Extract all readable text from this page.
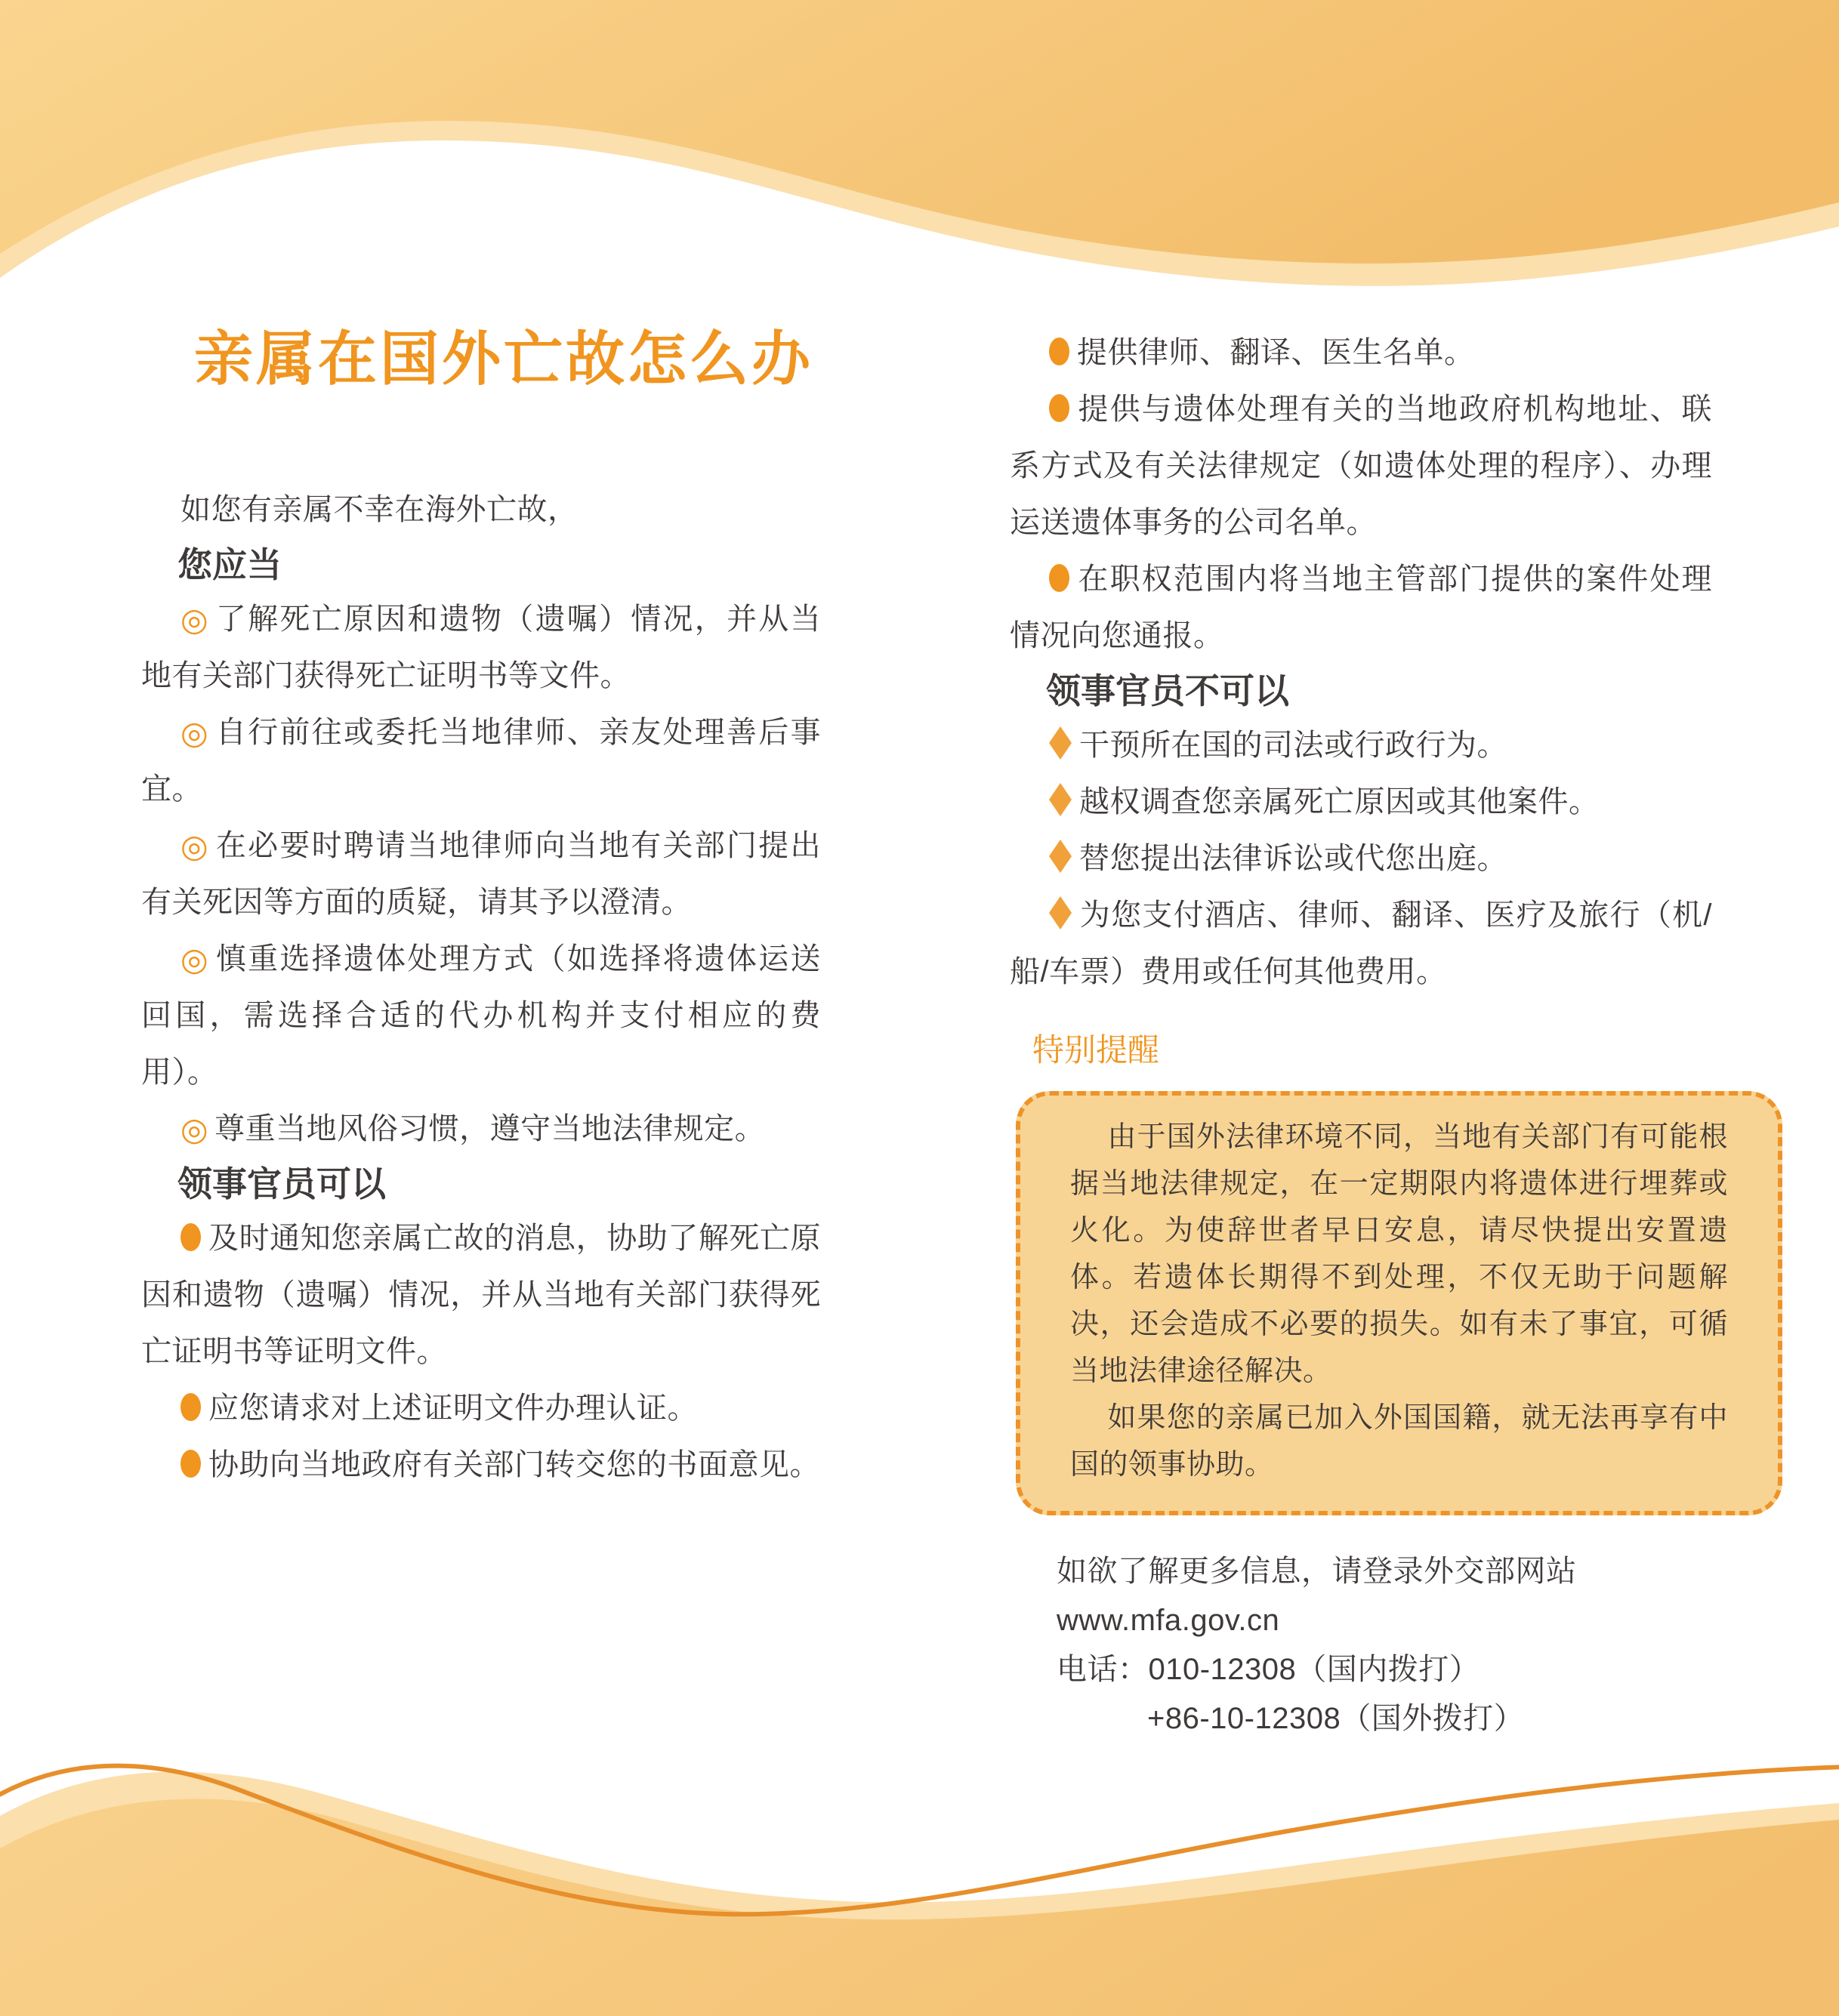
亲属在国外亡故怎么办

如您有亲属不幸在海外亡故，

您应当

◎ 了解死亡原因和遗物（遗嘱）情况，并从当地有关部门获得死亡证明书等文件。

◎ 自行前往或委托当地律师、亲友处理善后事宜。

◎ 在必要时聘请当地律师向当地有关部门提出有关死因等方面的质疑，请其予以澄清。

◎ 慎重选择遗体处理方式（如选择将遗体运送回国，需选择合适的代办机构并支付相应的费用）。

◎ 尊重当地风俗习惯，遵守当地法律规定。

领事官员可以

及时通知您亲属亡故的消息，协助了解死亡原因和遗物（遗嘱）情况，并从当地有关部门获得死亡证明书等证明文件。

应您请求对上述证明文件办理认证。

协助向当地政府有关部门转交您的书面意见。

提供律师、翻译、医生名单。

提供与遗体处理有关的当地政府机构地址、联系方式及有关法律规定（如遗体处理的程序）、办理运送遗体事务的公司名单。

在职权范围内将当地主管部门提供的案件处理情况向您通报。

领事官员不可以

干预所在国的司法或行政行为。

越权调查您亲属死亡原因或其他案件。

替您提出法律诉讼或代您出庭。

为您支付酒店、律师、翻译、医疗及旅行（机/船/车票）费用或任何其他费用。

特别提醒

由于国外法律环境不同，当地有关部门有可能根据当地法律规定，在一定期限内将遗体进行埋葬或火化。为使辞世者早日安息，请尽快提出安置遗体。若遗体长期得不到处理，不仅无助于问题解决，还会造成不必要的损失。如有未了事宜，可循当地法律途径解决。

如果您的亲属已加入外国国籍，就无法再享有中国的领事协助。

如欲了解更多信息，请登录外交部网站

www.mfa.gov.cn

电话：010-12308（国内拨打）

+86-10-12308（国外拨打）
